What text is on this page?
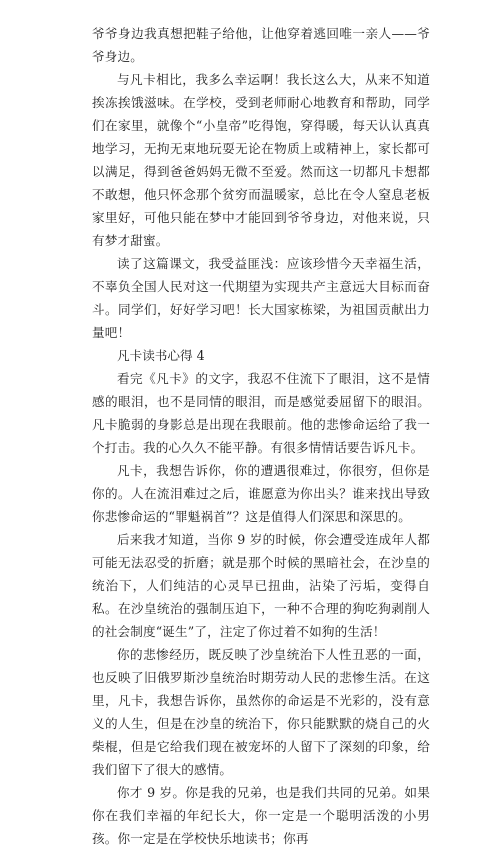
爷爷身边我真想把鞋子给他，让他穿着逃回唯一亲人——爷爷身边。

与凡卡相比，我多么幸运啊！我长这么大，从来不知道挨冻挨饿滋味。在学校，受到老师耐心地教育和帮助，同学们在家里，就像个“小皇帝”吃得饱，穿得暖，每天认认真真地学习，无拘无束地玩耍无论在物质上或精神上，家长都可以满足，得到爸爸妈妈无微不至爱。然而这一切都凡卡想都不敢想，他只怀念那个贫穷而温暖家，总比在令人窒息老板家里好，可他只能在梦中才能回到爷爷身边，对他来说，只有梦才甜蜜。

读了这篇课文，我受益匪浅：应该珍惜今天幸福生活，不辜负全国人民对这一代期望为实现共产主意远大目标而奋斗。同学们，好好学习吧！长大国家栋梁，为祖国贡献出力量吧！

凡卡读书心得 4

看完《凡卡》的文字，我忍不住流下了眼泪，这不是情感的眼泪，也不是同情的眼泪，而是感觉委屈留下的眼泪。凡卡脆弱的身影总是出现在我眼前。他的悲惨命运给了我一个打击。我的心久久不能平静。有很多情情话要告诉凡卡。

凡卡，我想告诉你，你的遭遇很难过，你很穷，但你是你的。人在流泪难过之后，谁愿意为你出头？谁来找出导致你悲惨命运的“罪魁祸首”？这是值得人们深思和深思的。

后来我才知道，当你 9 岁的时候，你会遭受连成年人都可能无法忍受的折磨；就是那个时候的黑暗社会，在沙皇的统治下，人们纯洁的心灵早已扭曲，沾染了污垢，变得自私。在沙皇统治的强制压迫下，一种不合理的狗吃狗剥削人的社会制度“诞生”了，注定了你过着不如狗的生活！

你的悲惨经历，既反映了沙皇统治下人性丑恶的一面，也反映了旧俄罗斯沙皇统治时期劳动人民的悲惨生活。在这里，凡卡，我想告诉你，虽然你的命运是不光彩的，没有意义的人生，但是在沙皇的统治下，你只能默默的烧自己的火柴棍，但是它给我们现在被宠坏的人留下了深刻的印象，给我们留下了很大的感情。

你才 9 岁。你是我的兄弟，也是我们共同的兄弟。如果你在我们幸福的年纪长大，你一定是一个聪明活泼的小男孩。你一定是在学校快乐地读书；你再
